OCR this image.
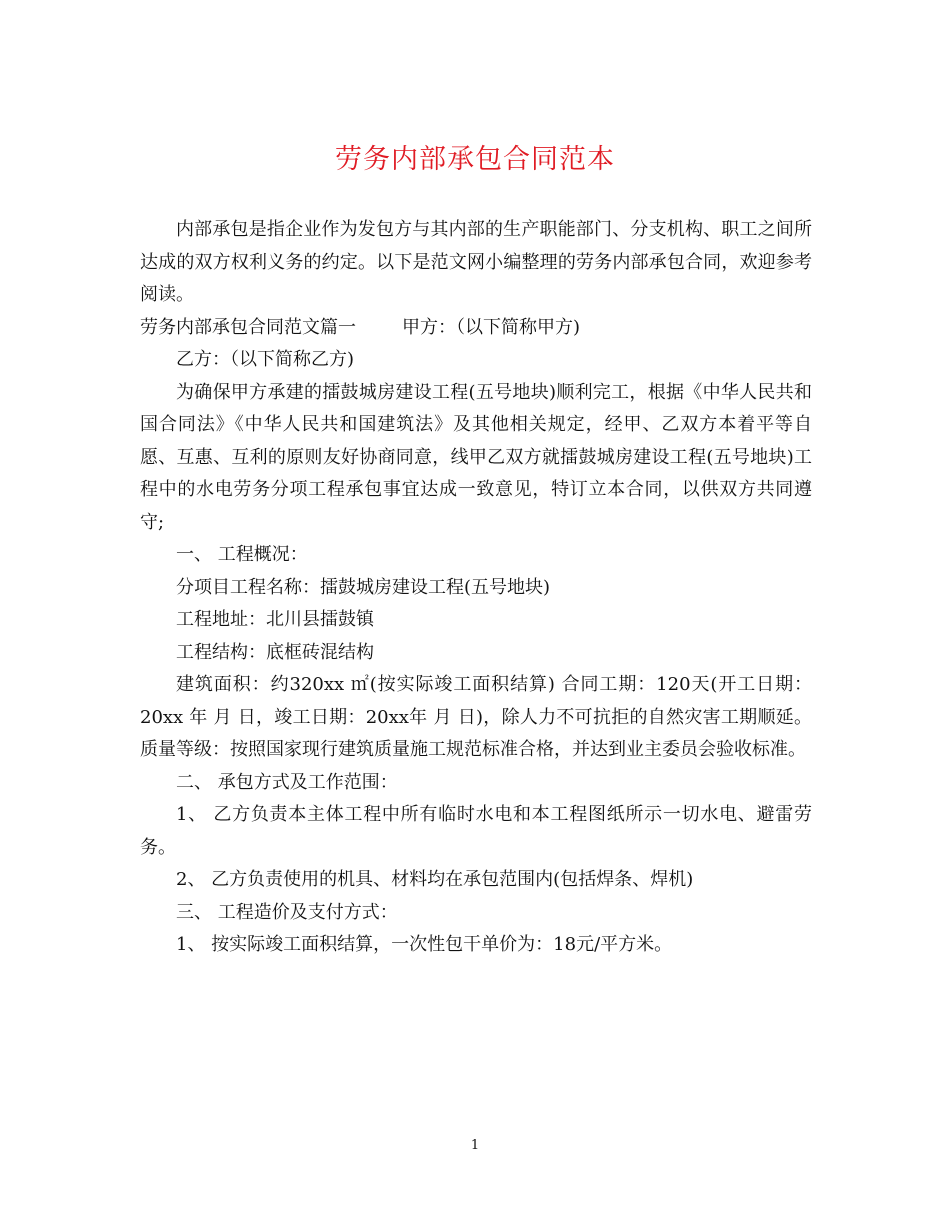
劳务内部承包合同范本

内部承包是指企业作为发包方与其内部的生产职能部门、分支机构、职工之间所达成的双方权利义务的约定。以下是范文网小编整理的劳务内部承包合同，欢迎参考阅读。

劳务内部承包合同范文篇一	甲方：（以下简称甲方)

乙方：（以下简称乙方)

为确保甲方承建的擂鼓城房建设工程(五号地块)顺利完工，根据《中华人民共和国合同法》《中华人民共和国建筑法》及其他相关规定，经甲、乙双方本着平等自愿、互惠、互利的原则友好协商同意，线甲乙双方就擂鼓城房建设工程(五号地块)工程中的水电劳务分项工程承包事宜达成一致意见，特订立本合同，以供双方共同遵守;

一、 工程概况：

分项目工程名称：擂鼓城房建设工程(五号地块)

工程地址：北川县擂鼓镇

工程结构：底框砖混结构

建筑面积：约320xx ㎡(按实际竣工面积结算) 合同工期：120天(开工日期： 20xx 年 月 日，竣工日期：20xx年 月 日)，除人力不可抗拒的自然灾害工期顺延。质量等级：按照国家现行建筑质量施工规范标准合格，并达到业主委员会验收标准。

二、 承包方式及工作范围：

1、 乙方负责本主体工程中所有临时水电和本工程图纸所示一切水电、避雷劳务。

2、 乙方负责使用的机具、材料均在承包范围内(包括焊条、焊机)

三、 工程造价及支付方式：

1、 按实际竣工面积结算，一次性包干单价为：18元/平方米。

1
